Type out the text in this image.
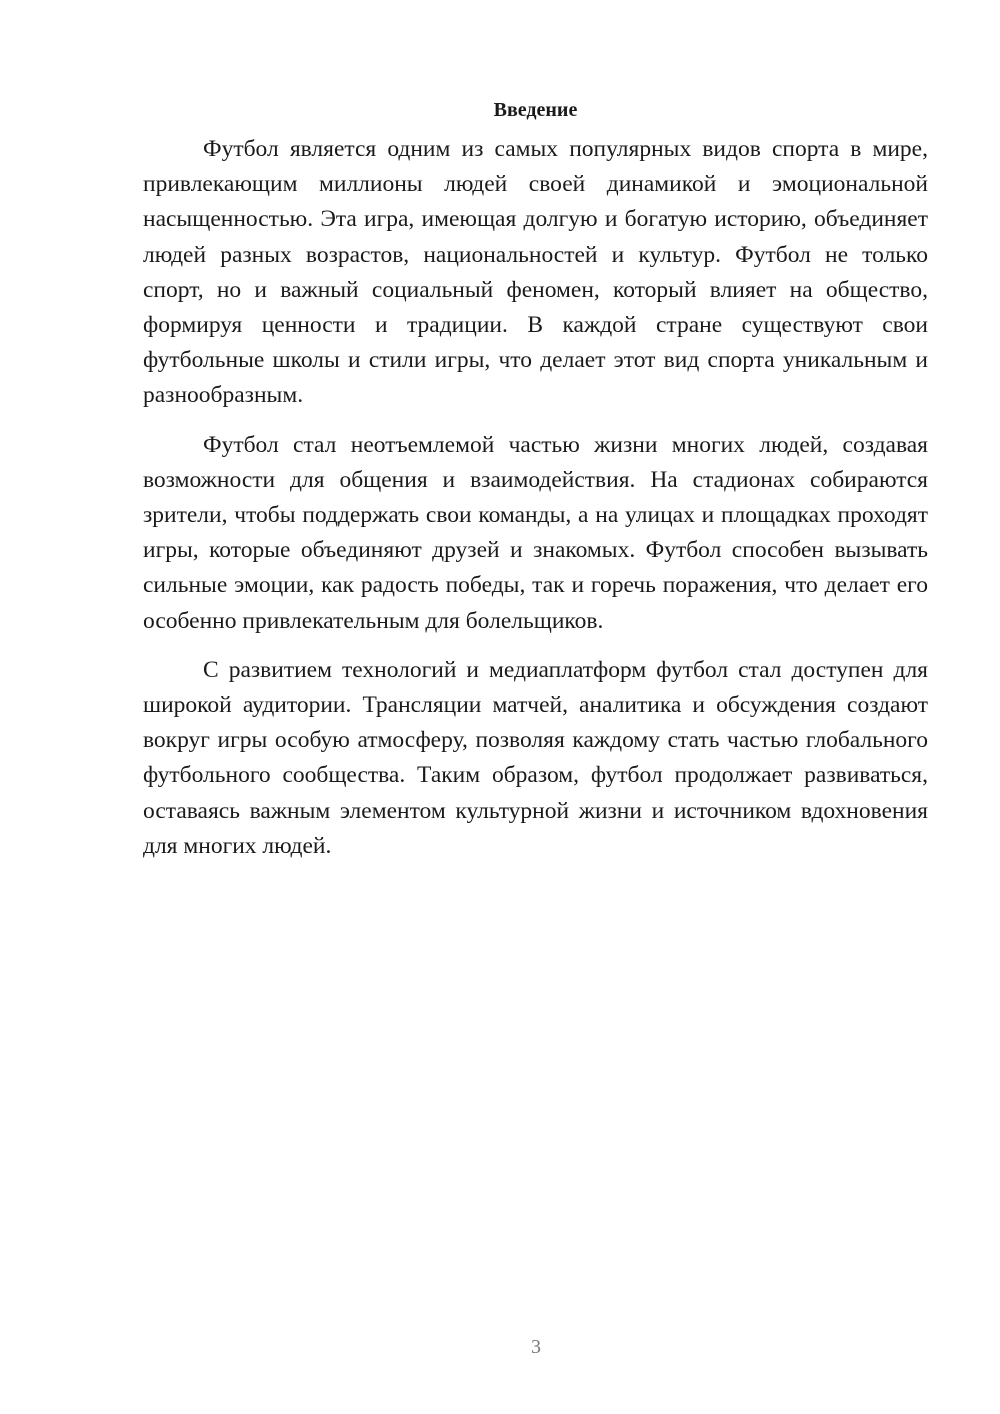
Введение

Футбол является одним из самых популярных видов спорта в мире, привлекающим миллионы людей своей динамикой и эмоциональной насыщенностью. Эта игра, имеющая долгую и богатую историю, объединяет людей разных возрастов, национальностей и культур. Футбол не только спорт, но и важный социальный феномен, который влияет на общество, формируя ценности и традиции. В каждой стране существуют свои футбольные школы и стили игры, что делает этот вид спорта уникальным и разнообразным.

Футбол стал неотъемлемой частью жизни многих людей, создавая возможности для общения и взаимодействия. На стадионах собираются зрители, чтобы поддержать свои команды, а на улицах и площадках проходят игры, которые объединяют друзей и знакомых. Футбол способен вызывать сильные эмоции, как радость победы, так и горечь поражения, что делает его особенно привлекательным для болельщиков.

С развитием технологий и медиаплатформ футбол стал доступен для широкой аудитории. Трансляции матчей, аналитика и обсуждения создают вокруг игры особую атмосферу, позволяя каждому стать частью глобального футбольного сообщества. Таким образом, футбол продолжает развиваться, оставаясь важным элементом культурной жизни и источником вдохновения для многих людей.

3
